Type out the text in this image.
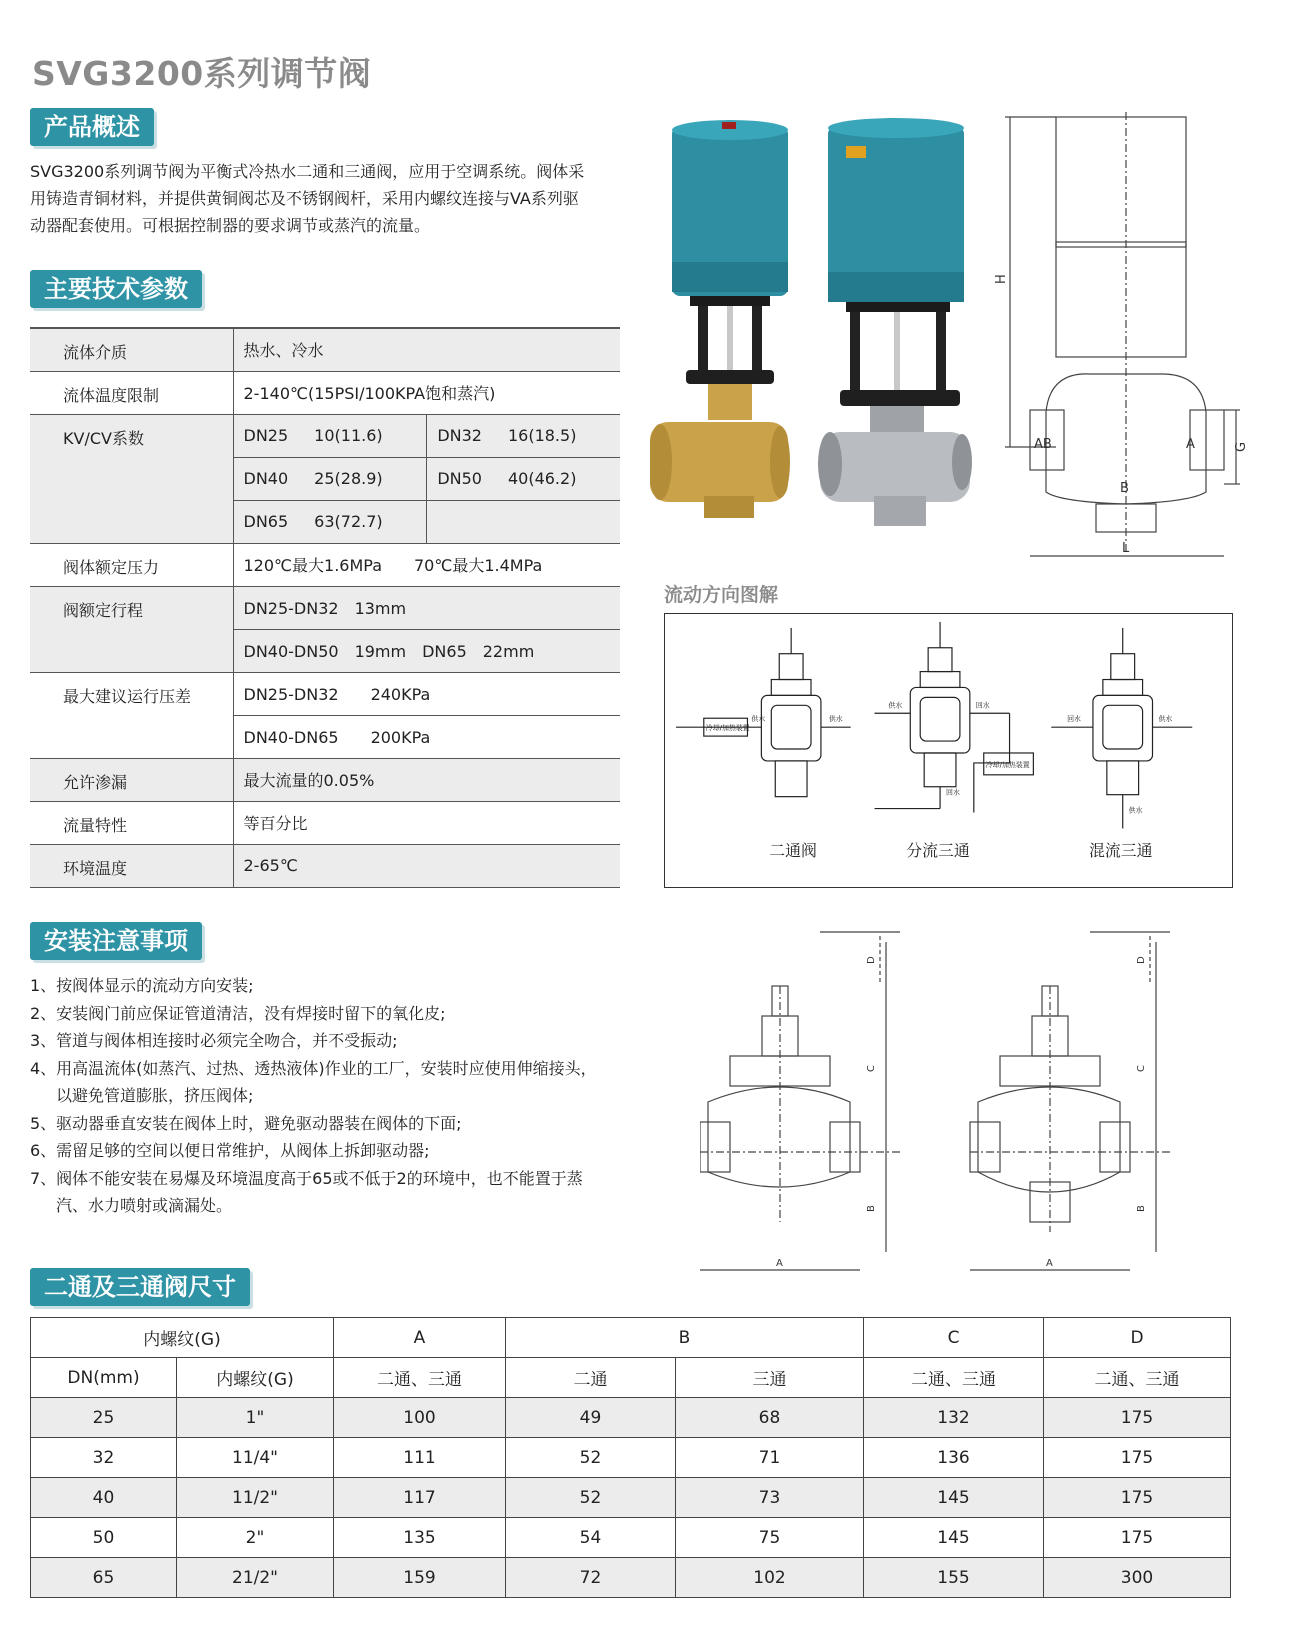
SVG3200系列调节阀
产品概述
SVG3200系列调节阀为平衡式冷热水二通和三通阀，应用于空调系统。阀体采
用铸造青铜材料，并提供黄铜阀芯及不锈钢阀杆，采用内螺纹连接与VA系列驱
动器配套使用。可根据控制器的要求调节或蒸汽的流量。
主要技术参数
流体介质	热水、冷水	
流体温度限制	2-140℃(15PSI/100KPA饱和蒸汽)	
KV/CV系数	DN25 10(11.6)	DN32 16(18.5)
	DN40 25(28.9)	DN50 40(46.2)
	DN65 63(72.7)	
阀体额定压力	120℃最大1.6MPa　　70℃最大1.4MPa	
阀额定行程	DN25-DN32　13mm	
	DN40-DN50　19mm　DN65　22mm	
最大建议运行压差	DN25-DN32　　240KPa	
	DN40-DN65　　200KPa	
允许渗漏	最大流量的0.05%	
流量特性	等百分比	
环境温度	2-65℃	
H
AB	A
B
G
L
流动方向图解
冷却/加热装置
供水	供水
供水	回水
冷却/加热装置
回水
回水	供水
供水
二通阀	分流三通	混流三通
安装注意事项
1、按阀体显示的流动方向安装;
2、安装阀门前应保证管道清洁，没有焊接时留下的氧化皮;
3、管道与阀体相连接时必须完全吻合，并不受振动;
4、用高温流体(如蒸汽、过热、透热液体)作业的工厂，安装时应使用伸缩接头，
以避免管道膨胀，挤压阀体;
5、驱动器垂直安装在阀体上时，避免驱动器装在阀体的下面;
6、需留足够的空间以便日常维护，从阀体上拆卸驱动器;
7、阀体不能安装在易爆及环境温度高于65或不低于2的环境中，也不能置于蒸
汽、水力喷射或滴漏处。
D
C
B
A
D
C
B
A
二通及三通阀尺寸
内螺纹(G)		A	B		C	D
DN(mm)	内螺纹(G)	二通、三通	二通	三通	二通、三通	二通、三通
25	1"	100	49	68	132	175
32	11/4"	111	52	71	136	175
40	11/2"	117	52	73	145	175
50	2"	135	54	75	145	175
65	21/2"	159	72	102	155	300
